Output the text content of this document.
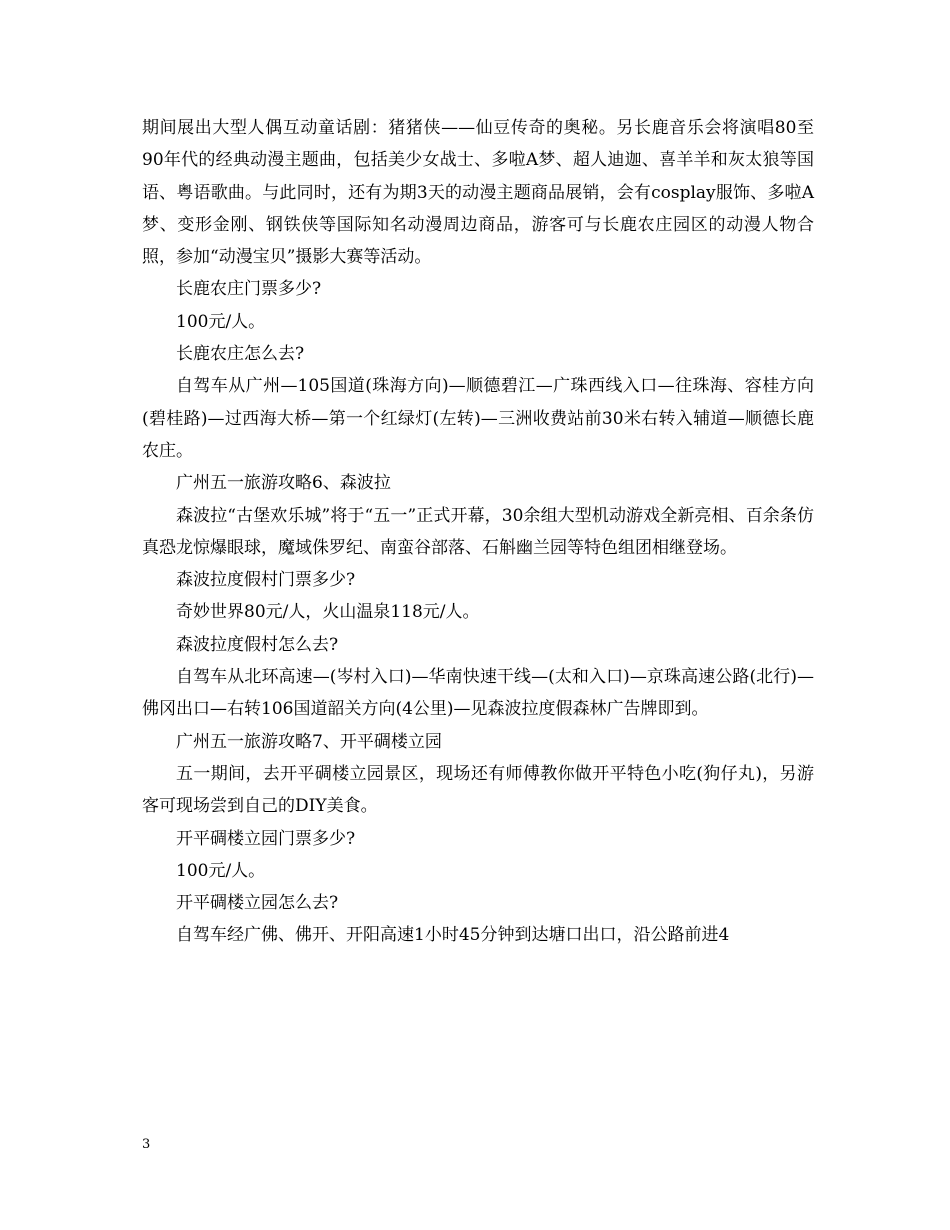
期间展出大型人偶互动童话剧：猪猪侠——仙豆传奇的奥秘。另长鹿音乐会将演唱80至90年代的经典动漫主题曲，包括美少女战士、多啦A梦、超人迪迦、喜羊羊和灰太狼等国语、粤语歌曲。与此同时，还有为期3天的动漫主题商品展销，会有cosplay服饰、多啦A梦、变形金刚、钢铁侠等国际知名动漫周边商品，游客可与长鹿农庄园区的动漫人物合照，参加“动漫宝贝”摄影大赛等活动。

长鹿农庄门票多少?

100元/人。

长鹿农庄怎么去?

自驾车从广州—105国道(珠海方向)—顺德碧江—广珠西线入口—往珠海、容桂方向(碧桂路)—过西海大桥—第一个红绿灯(左转)—三洲收费站前30米右转入辅道—顺德长鹿农庄。

广州五一旅游攻略6、森波拉

森波拉“古堡欢乐城”将于“五一”正式开幕，30余组大型机动游戏全新亮相、百余条仿真恐龙惊爆眼球，魔域侏罗纪、南蛮谷部落、石斛幽兰园等特色组团相继登场。

森波拉度假村门票多少?

奇妙世界80元/人，火山温泉118元/人。

森波拉度假村怎么去?

自驾车从北环高速—(岑村入口)—华南快速干线—(太和入口)—京珠高速公路(北行)—佛冈出口—右转106国道韶关方向(4公里)—见森波拉度假森林广告牌即到。

广州五一旅游攻略7、开平碉楼立园

五一期间，去开平碉楼立园景区，现场还有师傅教你做开平特色小吃(狗仔丸)，另游客可现场尝到自己的DIY美食。

开平碉楼立园门票多少?

100元/人。

开平碉楼立园怎么去?

自驾车经广佛、佛开、开阳高速1小时45分钟到达塘口出口，沿公路前进4

3
